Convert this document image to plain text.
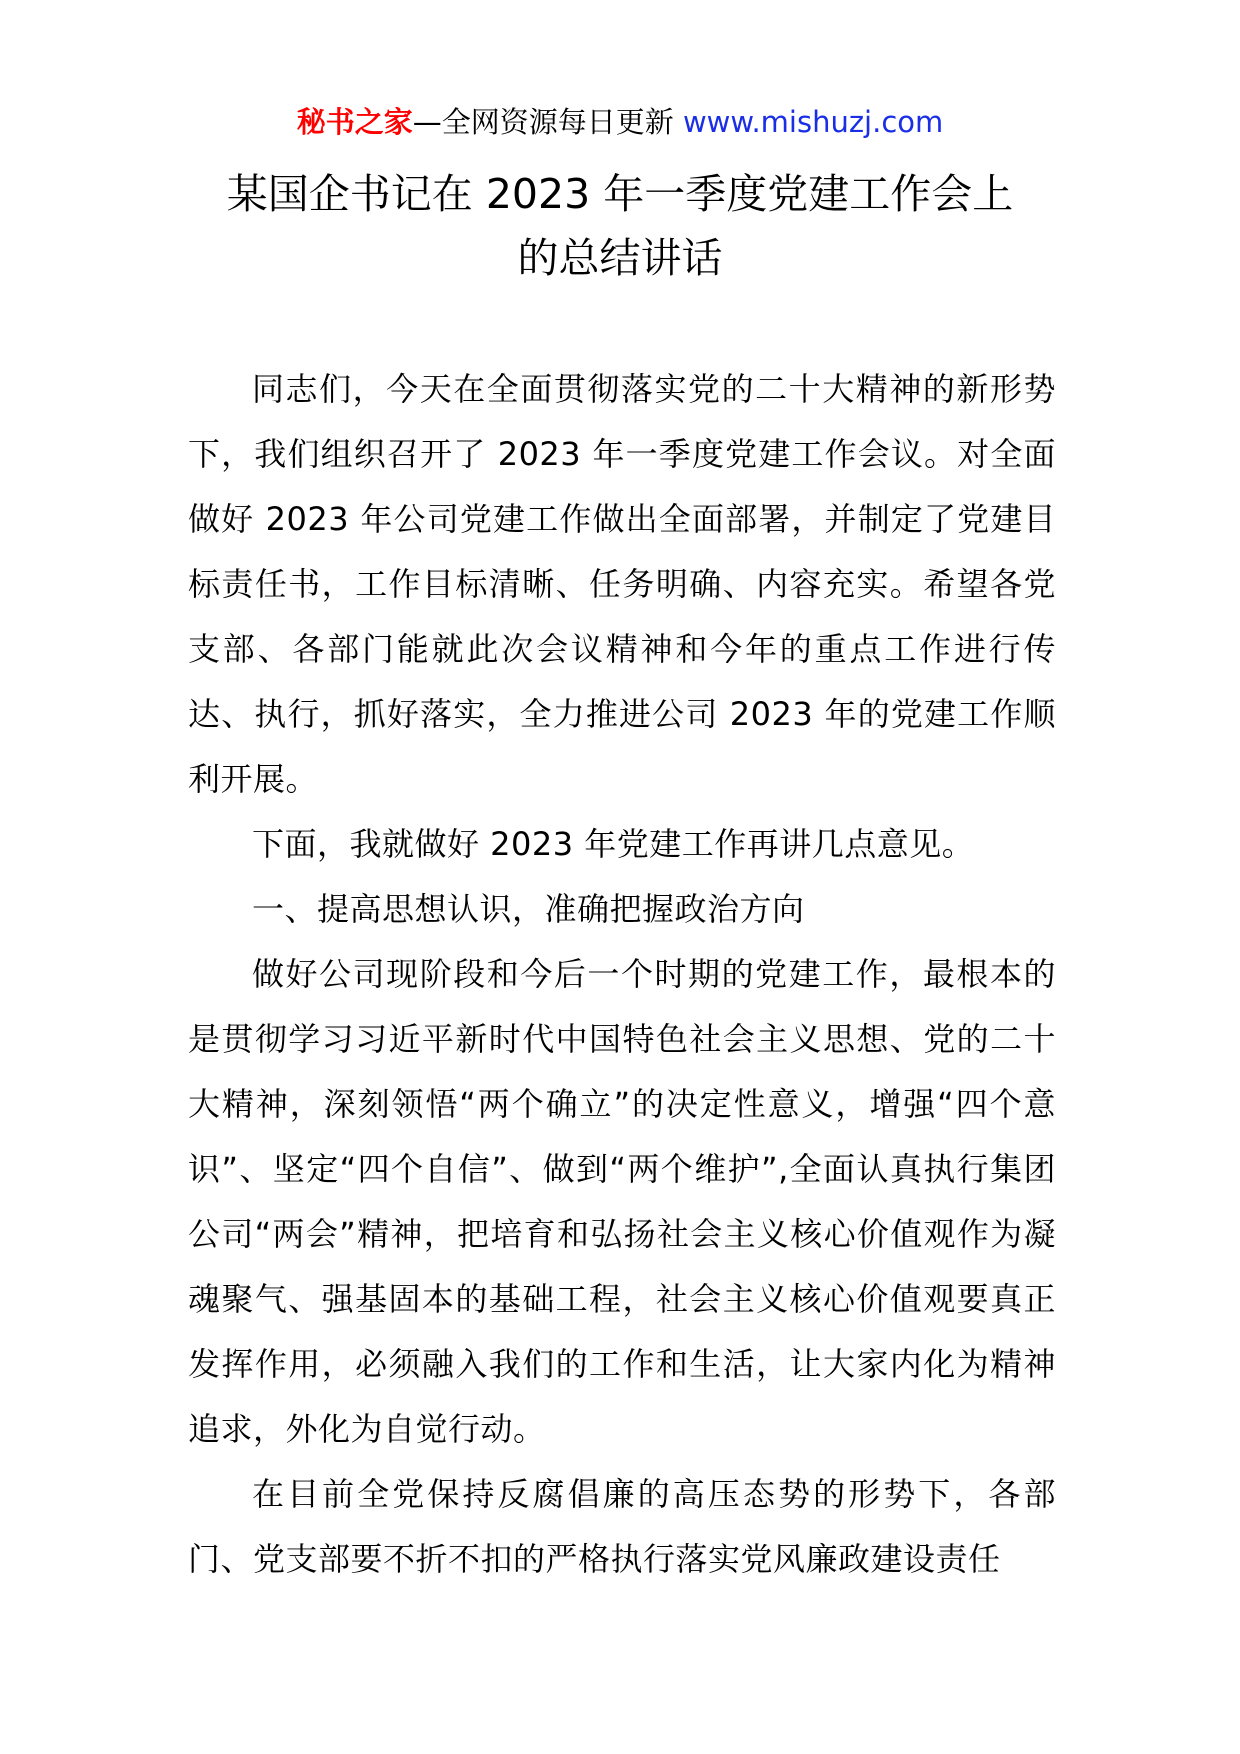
秘书之家—全网资源每日更新 www.mishuzj.com
某国企书记在 2023 年一季度党建工作会上
的总结讲话

同志们，今天在全面贯彻落实党的二十大精神的新形势下，我们组织召开了 2023 年一季度党建工作会议。对全面做好 2023 年公司党建工作做出全面部署，并制定了党建目标责任书，工作目标清晰、任务明确、内容充实。希望各党支部、各部门能就此次会议精神和今年的重点工作进行传达、执行，抓好落实，全力推进公司 2023 年的党建工作顺利开展。

下面，我就做好 2023 年党建工作再讲几点意见。

一、提高思想认识，准确把握政治方向

做好公司现阶段和今后一个时期的党建工作，最根本的是贯彻学习习近平新时代中国特色社会主义思想、党的二十大精神，深刻领悟“两个确立”的决定性意义，增强“四个意识”、坚定“四个自信”、做到“两个维护”,全面认真执行集团公司“两会”精神，把培育和弘扬社会主义核心价值观作为凝魂聚气、强基固本的基础工程，社会主义核心价值观要真正发挥作用，必须融入我们的工作和生活，让大家内化为精神追求，外化为自觉行动。

在目前全党保持反腐倡廉的高压态势的形势下，各部门、党支部要不折不扣的严格执行落实党风廉政建设责任
